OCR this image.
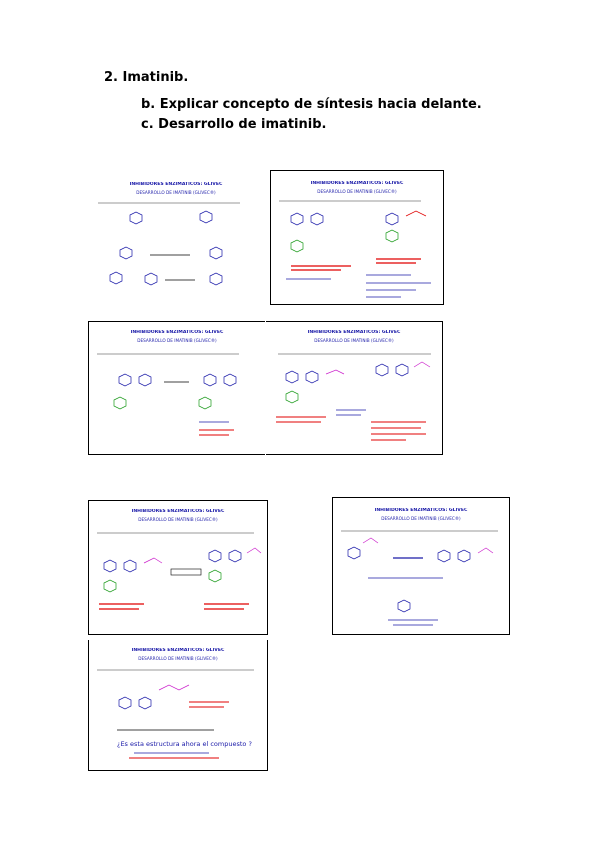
2. Imatinib.
b. Explicar concepto de síntesis hacia delante.
c. Desarrollo de imatinib.
INHIBIDORES ENZIMÁTICOS: GLIVEC
DESARROLLO DE IMATINIB (GLIVEC®)
INHIBIDORES ENZIMÁTICOS: GLIVEC
DESARROLLO DE IMATINIB (GLIVEC®)
INHIBIDORES ENZIMÁTICOS: GLIVEC
DESARROLLO DE IMATINIB (GLIVEC®)
INHIBIDORES ENZIMÁTICOS: GLIVEC
DESARROLLO DE IMATINIB (GLIVEC®)
INHIBIDORES ENZIMÁTICOS: GLIVEC
DESARROLLO DE IMATINIB (GLIVEC®)
INHIBIDORES ENZIMÁTICOS: GLIVEC
DESARROLLO DE IMATINIB (GLIVEC®)
INHIBIDORES ENZIMÁTICOS: GLIVEC
DESARROLLO DE IMATINIB (GLIVEC®)
¿Es esta estructura ahora el compuesto ?
